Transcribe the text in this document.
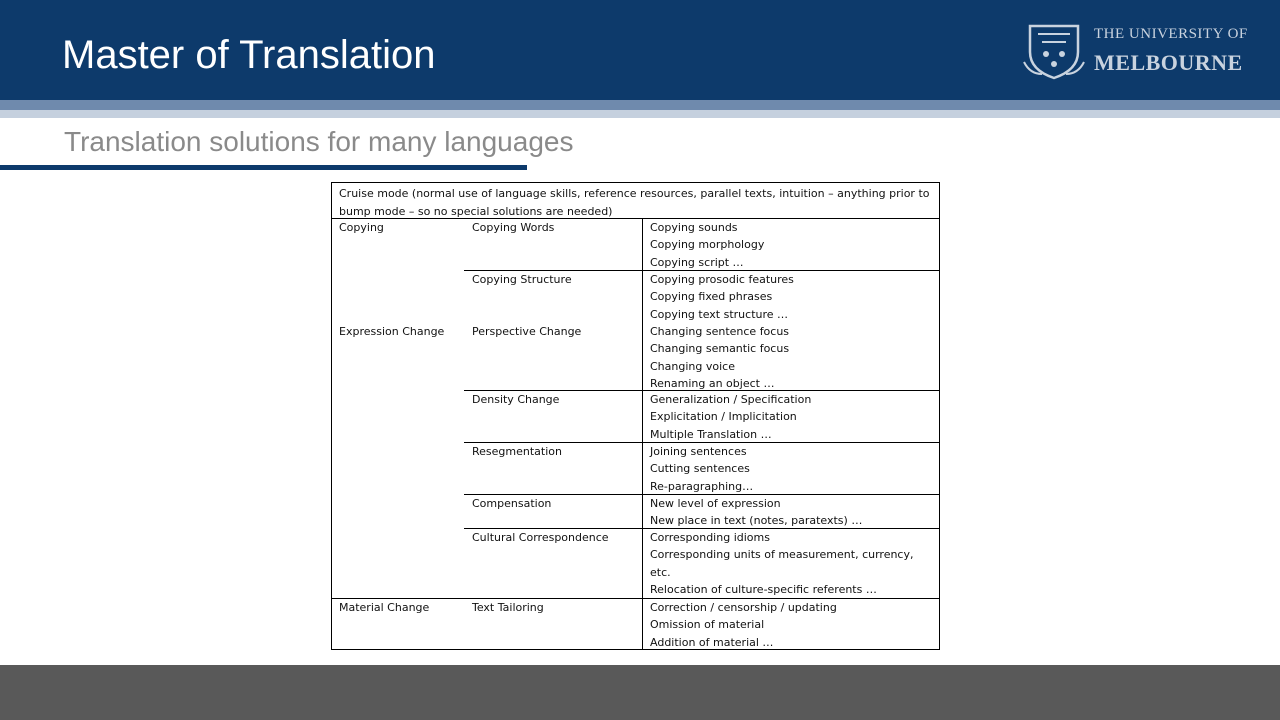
Master of Translation	THE UNIVERSITY OF
MELBOURNE
Translation solutions for many languages
Cruise mode (normal use of language skills, reference resources, parallel texts, intuition – anything prior to bump mode – so no special solutions are needed)
Copying
Expression Change
Material Change
Copying Words
Copying Structure
Perspective Change
Density Change
Resegmentation
Compensation
Cultural Correspondence
Text Tailoring
Copying sounds
Copying morphology
Copying script …
Copying prosodic features
Copying fixed phrases
Copying text structure …
Changing sentence focus
Changing semantic focus
Changing voice
Renaming an object …
Generalization / Specification
Explicitation / Implicitation
Multiple Translation …
Joining sentences
Cutting sentences
Re-paragraphing…
New level of expression
New place in text (notes, paratexts) …
Corresponding idioms
Corresponding units of measurement, currency,
etc.
Relocation of culture-specific referents …
Correction / censorship / updating
Omission of material
Addition of material …
